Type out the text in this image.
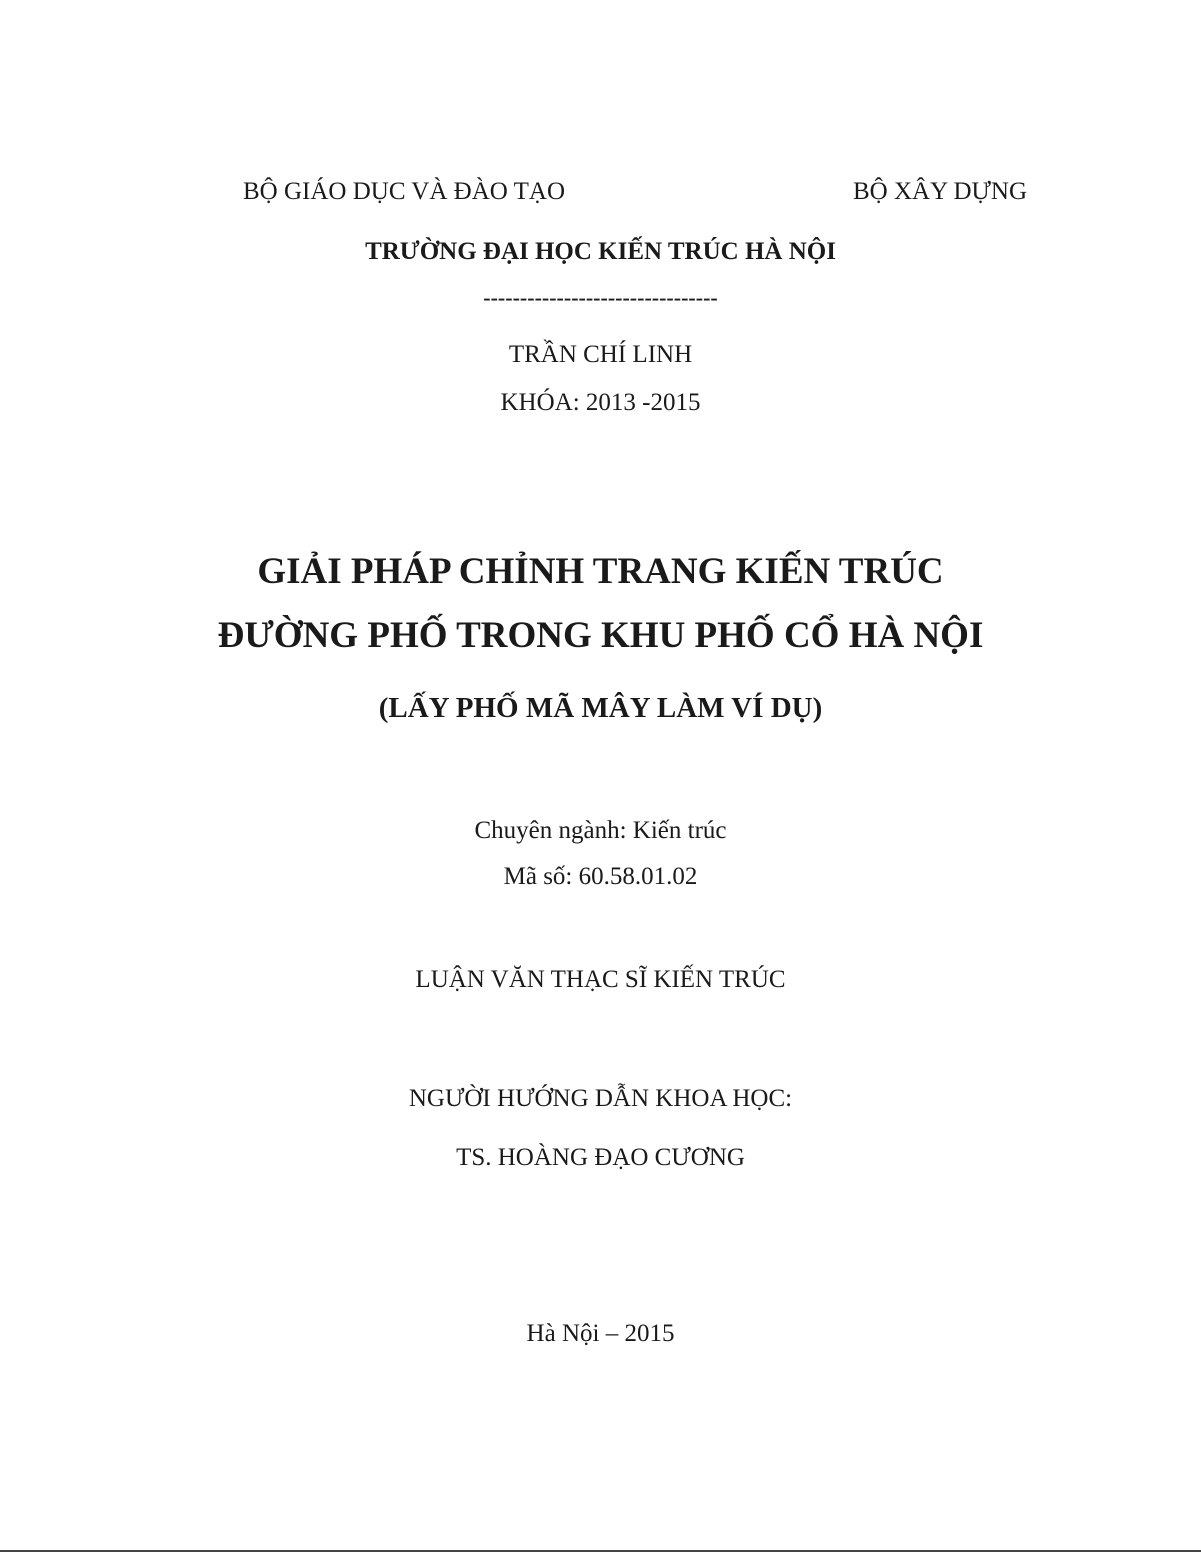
BỘ GIÁO DỤC VÀ ĐÀO TẠO	BỘ XÂY DỰNG
TRƯỜNG ĐẠI HỌC KIẾN TRÚC HÀ NỘI
--------------------------------
TRẦN CHÍ LINH
KHÓA: 2013 -2015
GIẢI PHÁP CHỈNH TRANG KIẾN TRÚC
ĐƯỜNG PHỐ TRONG KHU PHỐ CỔ HÀ NỘI
(LẤY PHỐ MÃ MÂY LÀM VÍ DỤ)
Chuyên ngành: Kiến trúc
Mã số: 60.58.01.02
LUẬN VĂN THẠC SĨ KIẾN TRÚC
NGƯỜI HƯỚNG DẪN KHOA HỌC:
TS. HOÀNG ĐẠO CƯƠNG
Hà Nội – 2015
